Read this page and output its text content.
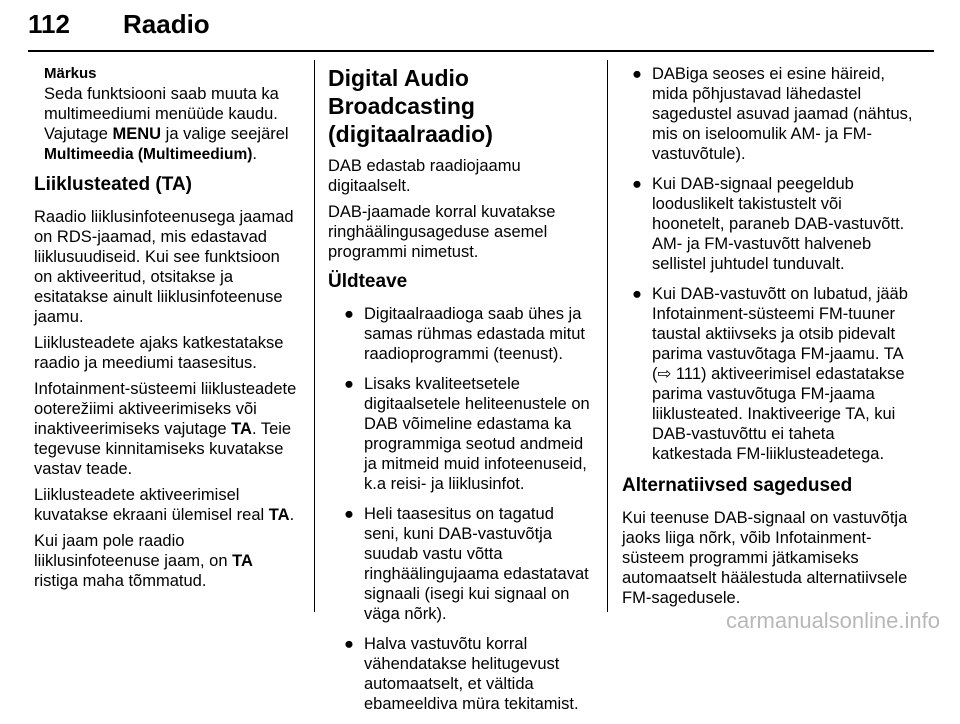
112 Raadio
Märkus

Seda funktsiooni saab muuta ka multimeediumi menüüde kaudu. Vajutage MENU ja valige seejärel Multimeedia (Multimeedium).

Liiklusteated (TA)

Raadio liiklusinfoteenusega jaamad on RDS-jaamad, mis edastavad liiklusuudiseid. Kui see funktsioon on aktiveeritud, otsitakse ja esitatakse ainult liiklusinfoteenuse jaamu.

Liiklusteadete ajaks katkestatakse raadio ja meediumi taasesitus.

Infotainment-süsteemi liiklusteadete ooterežiimi aktiveerimiseks või inaktiveerimiseks vajutage TA. Teie tegevuse kinnitamiseks kuvatakse vastav teade.

Liiklusteadete aktiveerimisel kuvatakse ekraani ülemisel real TA.

Kui jaam pole raadio liiklusinfoteenuse jaam, on TA ristiga maha tõmmatud.

Digital Audio Broadcasting (digitaalraadio)

DAB edastab raadiojaamu digitaalselt.

DAB-jaamade korral kuvatakse ringhäälingusageduse asemel programmi nimetust.

Üldteave
● Digitaalraadioga saab ühes ja samas rühmas edastada mitut raadioprogrammi (teenust).
● Lisaks kvaliteetsetele digitaalsetele heliteenustele on DAB võimeline edastama ka programmiga seotud andmeid ja mitmeid muid infoteenuseid, k.a reisi- ja liiklusinfot.
● Heli taasesitus on tagatud seni, kuni DAB-vastuvõtja suudab vastu võtta ringhäälingujaama edastatavat signaali (isegi kui signaal on väga nõrk).
● Halva vastuvõtu korral vähendatakse helitugevust automaatselt, et vältida ebameeldiva müra tekitamist.
● DABiga seoses ei esine häireid, mida põhjustavad lähedastel sagedustel asuvad jaamad (nähtus, mis on iseloomulik AM- ja FM-vastuvõtule).
● Kui DAB-signaal peegeldub looduslikelt takistustelt või hoonetelt, paraneb DAB-vastuvõtt. AM- ja FM-vastuvõtt halveneb sellistel juhtudel tunduvalt.
● Kui DAB-vastuvõtt on lubatud, jääb Infotainment-süsteemi FM-tuuner taustal aktiivseks ja otsib pidevalt parima vastuvõtaga FM-jaamu. TA (⇨ 111) aktiveerimisel edastatakse parima vastuvõtuga FM-jaama liiklusteated. Inaktiveerige TA, kui DAB-vastuvõttu ei taheta katkestada FM-liiklusteadetega.
Alternatiivsed sagedused

Kui teenuse DAB-signaal on vastuvõtja jaoks liiga nõrk, võib Infotainment-süsteem programmi jätkamiseks automaatselt häälestuda alternatiivsele FM-sagedusele.

carmanualsonline.info
